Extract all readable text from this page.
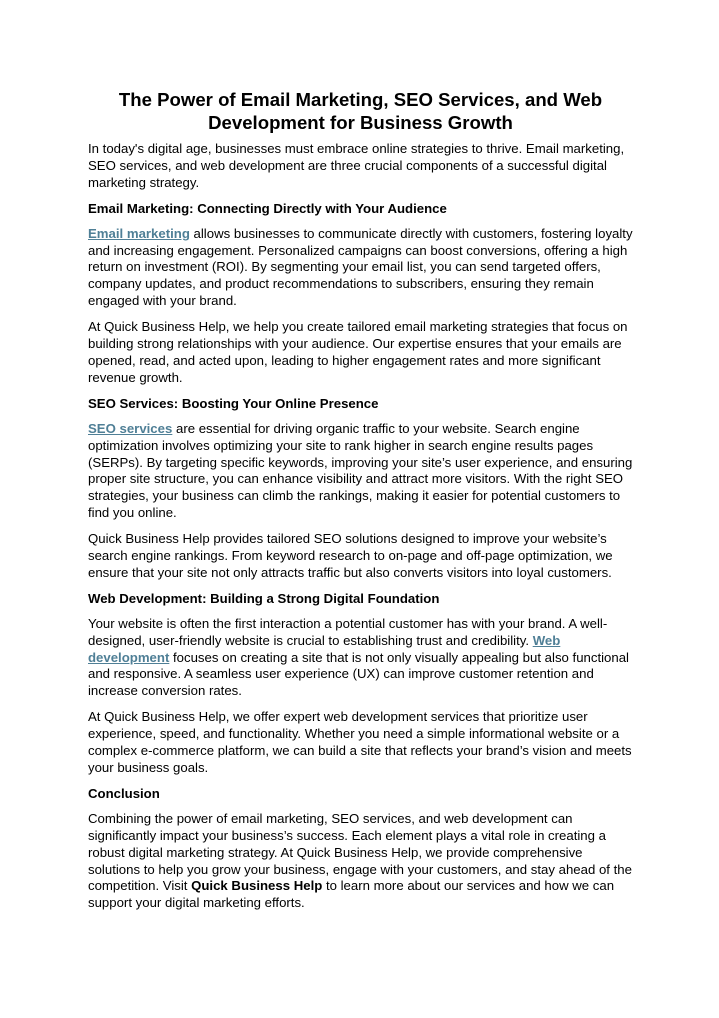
The Power of Email Marketing, SEO Services, and Web Development for Business Growth

In today's digital age, businesses must embrace online strategies to thrive. Email marketing, SEO services, and web development are three crucial components of a successful digital marketing strategy.

Email Marketing: Connecting Directly with Your Audience

Email marketing allows businesses to communicate directly with customers, fostering loyalty and increasing engagement. Personalized campaigns can boost conversions, offering a high return on investment (ROI). By segmenting your email list, you can send targeted offers, company updates, and product recommendations to subscribers, ensuring they remain engaged with your brand.

At Quick Business Help, we help you create tailored email marketing strategies that focus on building strong relationships with your audience. Our expertise ensures that your emails are opened, read, and acted upon, leading to higher engagement rates and more significant revenue growth.

SEO Services: Boosting Your Online Presence

SEO services are essential for driving organic traffic to your website. Search engine optimization involves optimizing your site to rank higher in search engine results pages (SERPs). By targeting specific keywords, improving your site’s user experience, and ensuring proper site structure, you can enhance visibility and attract more visitors. With the right SEO strategies, your business can climb the rankings, making it easier for potential customers to find you online.

Quick Business Help provides tailored SEO solutions designed to improve your website’s search engine rankings. From keyword research to on-page and off-page optimization, we ensure that your site not only attracts traffic but also converts visitors into loyal customers.

Web Development: Building a Strong Digital Foundation

Your website is often the first interaction a potential customer has with your brand. A well-designed, user-friendly website is crucial to establishing trust and credibility. Web development focuses on creating a site that is not only visually appealing but also functional and responsive. A seamless user experience (UX) can improve customer retention and increase conversion rates.

At Quick Business Help, we offer expert web development services that prioritize user experience, speed, and functionality. Whether you need a simple informational website or a complex e-commerce platform, we can build a site that reflects your brand’s vision and meets your business goals.

Conclusion

Combining the power of email marketing, SEO services, and web development can significantly impact your business’s success. Each element plays a vital role in creating a robust digital marketing strategy. At Quick Business Help, we provide comprehensive solutions to help you grow your business, engage with your customers, and stay ahead of the competition. Visit Quick Business Help to learn more about our services and how we can support your digital marketing efforts.
